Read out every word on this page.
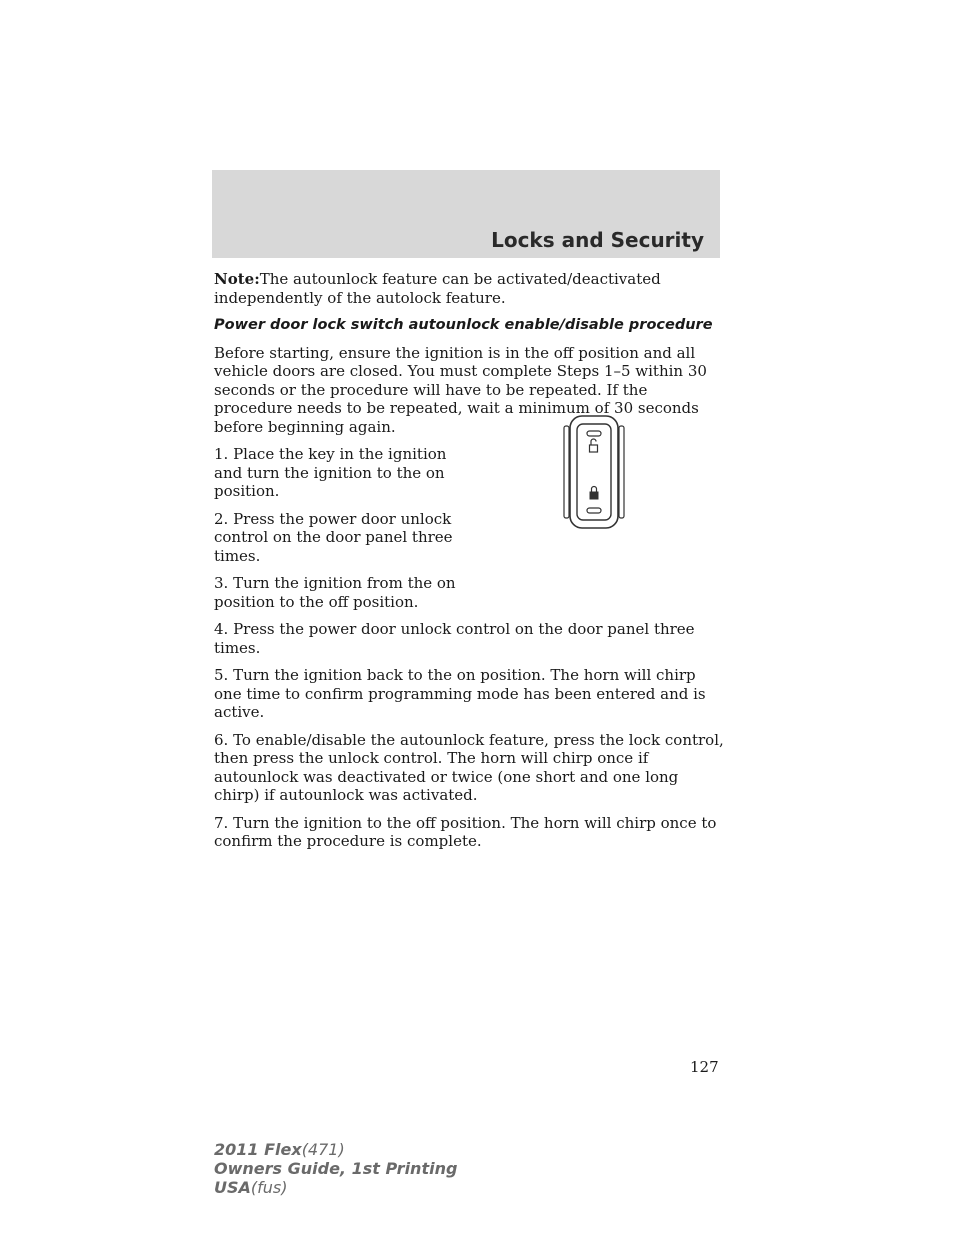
Locks and Security

Note:The autounlock feature can be activated/deactivated independently of the autolock feature.

Power door lock switch autounlock enable/disable procedure

Before starting, ensure the ignition is in the off position and all vehicle doors are closed. You must complete Steps 1–5 within 30 seconds or the procedure will have to be repeated. If the procedure needs to be repeated, wait a minimum of 30 seconds before beginning again.

1. Place the key in the ignition and turn the ignition to the on position.

2. Press the power door unlock control on the door panel three times.

3. Turn the ignition from the on position to the off position.

4. Press the power door unlock control on the door panel three times.

5. Turn the ignition back to the on position. The horn will chirp one time to confirm programming mode has been entered and is active.

6. To enable/disable the autounlock feature, press the lock control, then press the unlock control. The horn will chirp once if autounlock was deactivated or twice (one short and one long chirp) if autounlock was activated.

7. Turn the ignition to the off position. The horn will chirp once to confirm the procedure is complete.

127
2011 Flex(471)
Owners Guide, 1st Printing
USA(fus)
